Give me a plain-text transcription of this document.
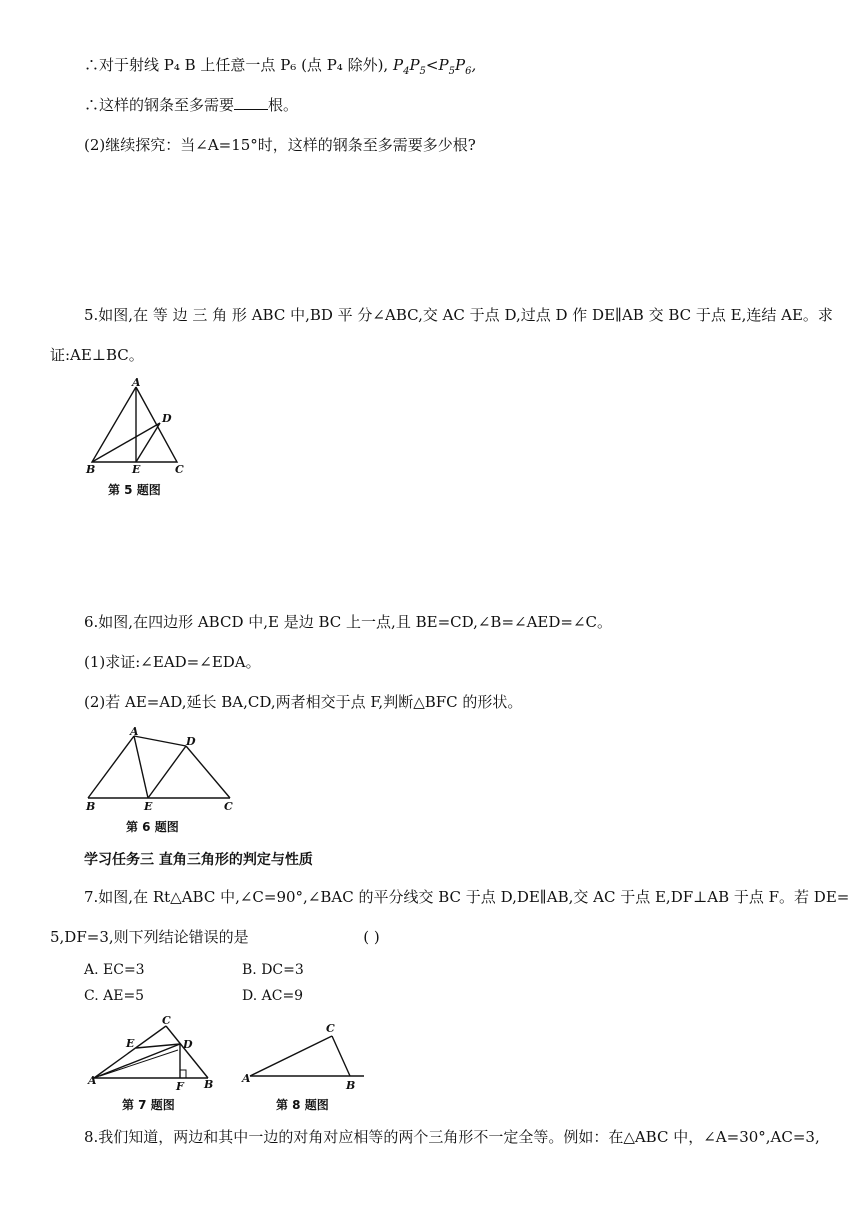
∴对于射线 P₄ B 上任意一点 P₆ (点 P₄ 除外), $P_4P_5<P_5P_6$,
∴这样的钢条至多需要 根。
(2)继续探究：当∠A=15°时，这样的钢条至多需要多少根?
5.如图,在 等 边 三 角 形 ABC 中,BD 平 分∠ABC,交 AC 于点 D,过点 D 作 DE∥AB 交 BC 于点 E,连结 AE。求
证:AE⊥BC。
A
B	C
D
E
第 5 题图
6.如图,在四边形 ABCD 中,E 是边 BC 上一点,且 BE=CD,∠B=∠AED=∠C。
(1)求证:∠EAD=∠EDA。
(2)若 AE=AD,延长 BA,CD,两者相交于点 F,判断△BFC 的形状。
A
B	C
D
E
第 6 题图
学习任务三 直角三角形的判定与性质
7.如图,在 Rt△ABC 中,∠C=90°,∠BAC 的平分线交 BC 于点 D,DE∥AB,交 AC 于点 E,DF⊥AB 于点 F。若 DE=
5,DF=3,则下列结论错误的是	( )
A. EC=3	B. DC=3
C. AE=5	D. AC=9
C
A	B
D
E
F
第 7 题图
C
A
B
第 8 题图
8.我们知道，两边和其中一边的对角对应相等的两个三角形不一定全等。例如：在△ABC 中，∠A=30°,AC=3,
